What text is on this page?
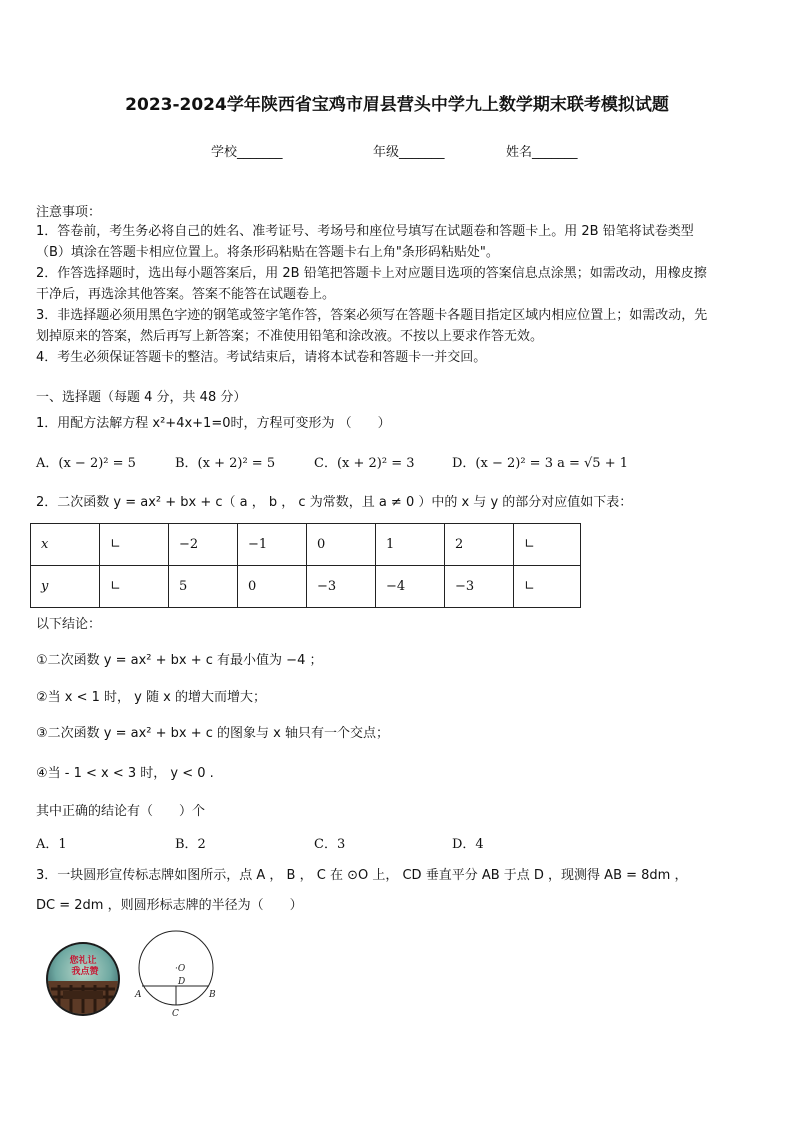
2023-2024学年陕西省宝鸡市眉县营头中学九上数学期末联考模拟试题
学校_______	年级_______	姓名_______
注意事项：
1．答卷前，考生务必将自己的姓名、准考证号、考场号和座位号填写在试题卷和答题卡上。用 2B 铅笔将试卷类型
（B）填涂在答题卡相应位置上。将条形码粘贴在答题卡右上角"条形码粘贴处"。
2．作答选择题时，选出每小题答案后，用 2B 铅笔把答题卡上对应题目选项的答案信息点涂黑；如需改动，用橡皮擦
干净后，再选涂其他答案。答案不能答在试题卷上。
3．非选择题必须用黑色字迹的钢笔或签字笔作答，答案必须写在答题卡各题目指定区域内相应位置上；如需改动，先
划掉原来的答案，然后再写上新答案；不准使用铅笔和涂改液。不按以上要求作答无效。
4．考生必须保证答题卡的整洁。考试结束后，请将本试卷和答题卡一并交回。
一、选择题（每题 4 分，共 48 分）
1．用配方法解方程 x²+4x+1=0时，方程可变形为 （　　）
A．(x − 2)² = 5	B．(x + 2)² = 5	C．(x + 2)² = 3	D．(x − 2)² = 3 a = √5 + 1
2．二次函数 y = ax² + bx + c（ a ， b ， c 为常数，且 a ≠ 0 ）中的 x 与 y 的部分对应值如下表：
x	∟	−2	−1	0	1	2	∟
y	∟	5	0	−3	−4	−3	∟
以下结论：
①二次函数 y = ax² + bx + c 有最小值为 −4 ；
②当 x < 1 时， y 随 x 的增大而增大；
③二次函数 y = ax² + bx + c 的图象与 x 轴只有一个交点；
④当 - 1 < x < 3 时， y < 0 .
其中正确的结论有（　　）个
A．1	B．2	C．3	D．4
3．一块圆形宣传标志牌如图所示，点 A ， B ， C 在 ⊙O 上， CD 垂直平分 AB 于点 D ，现测得 AB = 8dm ，
DC = 2dm ，则圆形标志牌的半径为（　　）
您礼让
我点赞	·O
A	B
D
C
